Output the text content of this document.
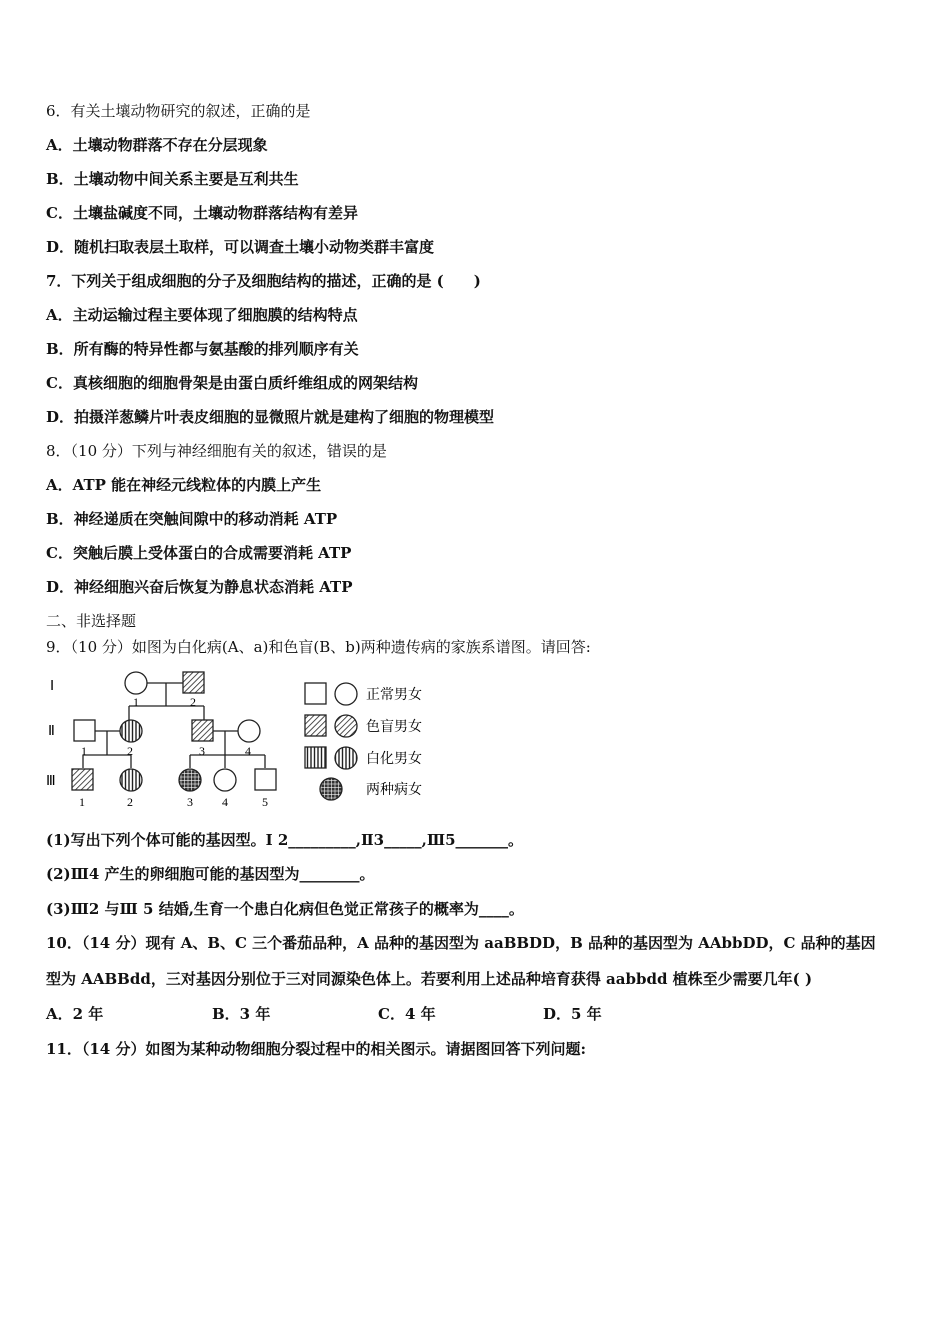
6．有关土壤动物研究的叙述，正确的是
A．土壤动物群落不存在分层现象
B．土壤动物中间关系主要是互利共生
C．土壤盐碱度不同，土壤动物群落结构有差异
D．随机扫取表层土取样，可以调查土壤小动物类群丰富度
7．下列关于组成细胞的分子及细胞结构的描述，正确的是 (　　)
A．主动运输过程主要体现了细胞膜的结构特点
B．所有酶的特异性都与氨基酸的排列顺序有关
C．真核细胞的细胞骨架是由蛋白质纤维组成的网架结构
D．拍摄洋葱鳞片叶表皮细胞的显微照片就是建构了细胞的物理模型
8．（10 分）下列与神经细胞有关的叙述，错误的是
A．ATP 能在神经元线粒体的内膜上产生
B．神经递质在突触间隙中的移动消耗 ATP
C．突触后膜上受体蛋白的合成需要消耗 ATP
D．神经细胞兴奋后恢复为静息状态消耗 ATP
二、非选择题
9．（10 分）如图为白化病(A、a)和色盲(B、b)两种遗传病的家族系谱图。请回答:
Ⅰ
Ⅱ
Ⅲ
1	2
1	2	3	4
1	2	3 4	5
正常男女
色盲男女
白化男女
两种病女
(1)写出下列个体可能的基因型。Ⅰ 2_________,Ⅱ3_____,Ⅲ5_______。
(2)Ⅲ4 产生的卵细胞可能的基因型为________。
(3)Ⅲ2 与Ⅲ 5 结婚,生育一个患白化病但色觉正常孩子的概率为____。
10．（14 分）现有 A、B、C 三个番茄品种，A 品种的基因型为 aaBBDD，B 品种的基因型为 AAbbDD，C 品种的基因
型为 AABBdd，三对基因分别位于三对同源染色体上。若要利用上述品种培育获得 aabbdd 植株至少需要几年( )
A．2 年	B．3 年	C．4 年	D．5 年
11．（14 分）如图为某种动物细胞分裂过程中的相关图示。请据图回答下列问题:
